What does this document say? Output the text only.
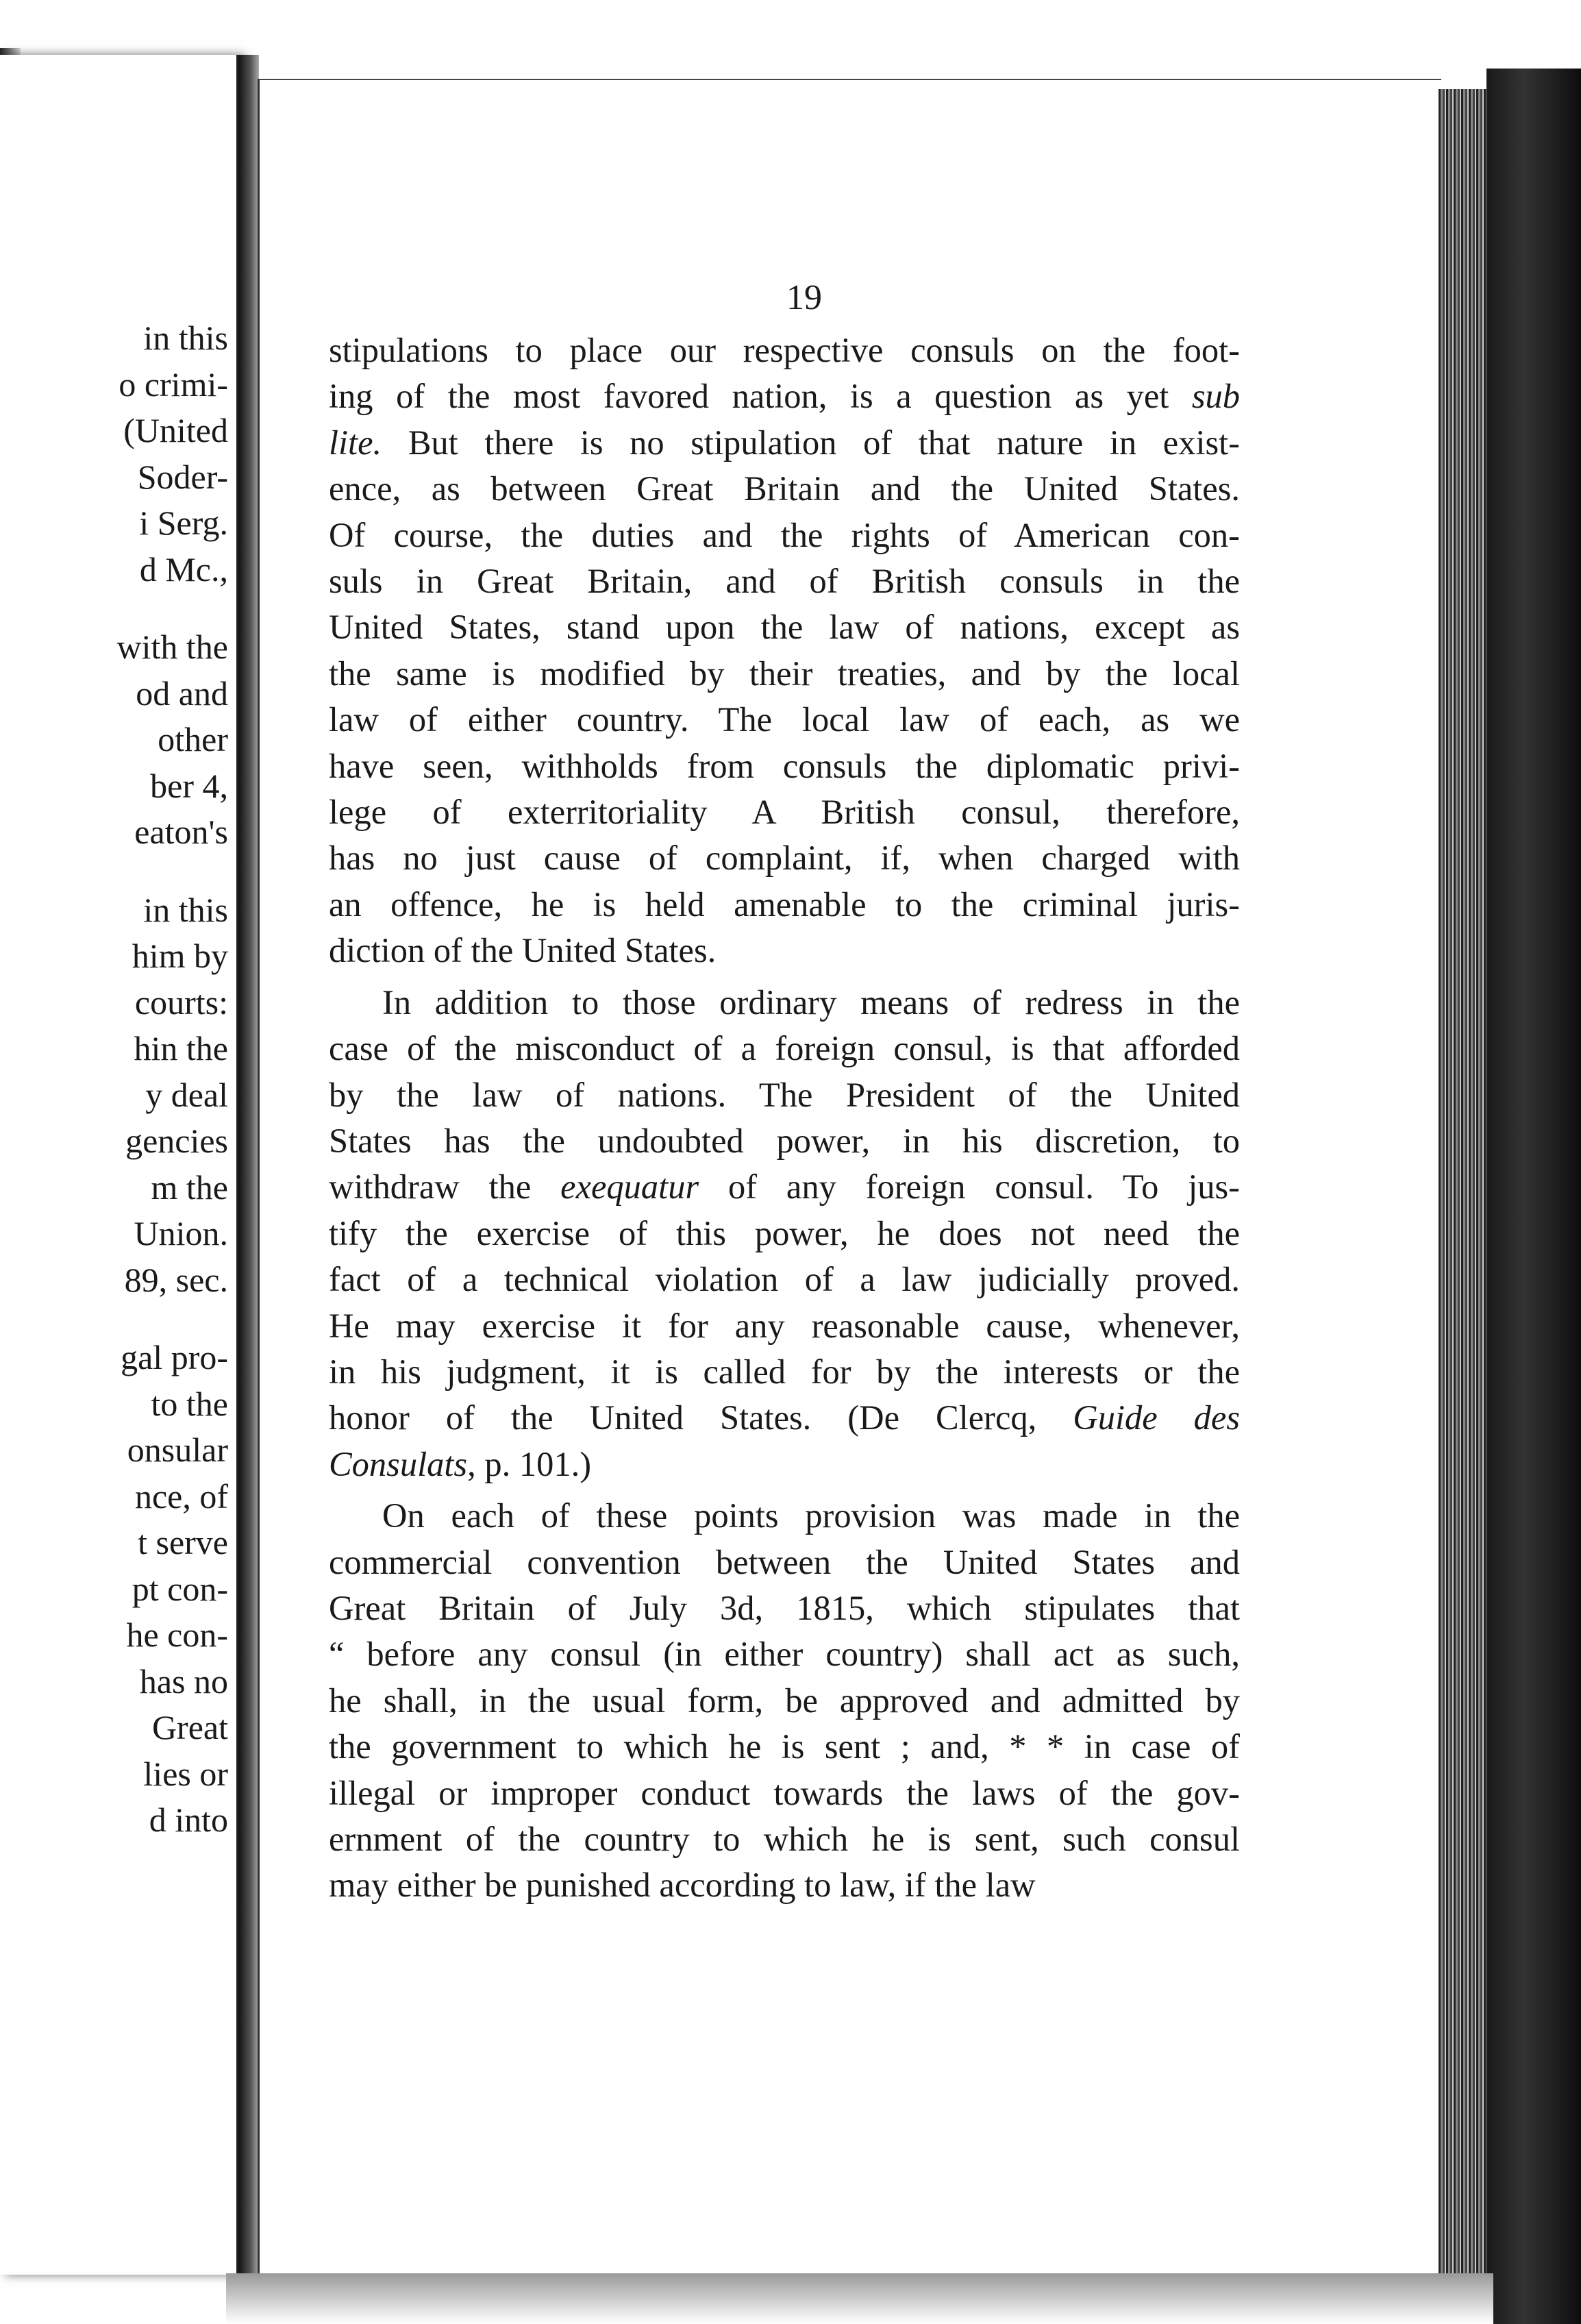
in this
o crimi-
(United
Soder-
i Serg.
d Mc.,
with the
od and
other
ber 4,
eaton's
in this
him by
courts:
hin the
y deal
gencies
m the
Union.
89, sec.
gal pro-
to the
onsular
nce, of
t serve
pt con-
he con-
has no
Great
lies or
d into
19
stipulations to place our respective consuls on the foot-
ing of the most favored nation, is a question as yet sub
lite. But there is no stipulation of that nature in exist-
ence, as between Great Britain and the United States.
Of course, the duties and the rights of American con-
suls in Great Britain, and of British consuls in the
United States, stand upon the law of nations, except as
the same is modified by their treaties, and by the local
law of either country. The local law of each, as we
have seen, withholds from consuls the diplomatic privi-
lege of exterritoriality A British consul, therefore,
has no just cause of complaint, if, when charged with
an offence, he is held amenable to the criminal juris-
diction of the United States.
In addition to those ordinary means of redress in the
case of the misconduct of a foreign consul, is that afforded
by the law of nations. The President of the United
States has the undoubted power, in his discretion, to
withdraw the exequatur of any foreign consul. To jus-
tify the exercise of this power, he does not need the
fact of a technical violation of a law judicially proved.
He may exercise it for any reasonable cause, whenever,
in his judgment, it is called for by the interests or the
honor of the United States. (De Clercq, Guide des
Consulats, p. 101.)
On each of these points provision was made in the
commercial convention between the United States and
Great Britain of July 3d, 1815, which stipulates that
“ before any consul (in either country) shall act as such,
he shall, in the usual form, be approved and admitted by
the government to which he is sent ; and, * * in case of
illegal or improper conduct towards the laws of the gov-
ernment of the country to which he is sent, such consul
may either be punished according to law, if the law
